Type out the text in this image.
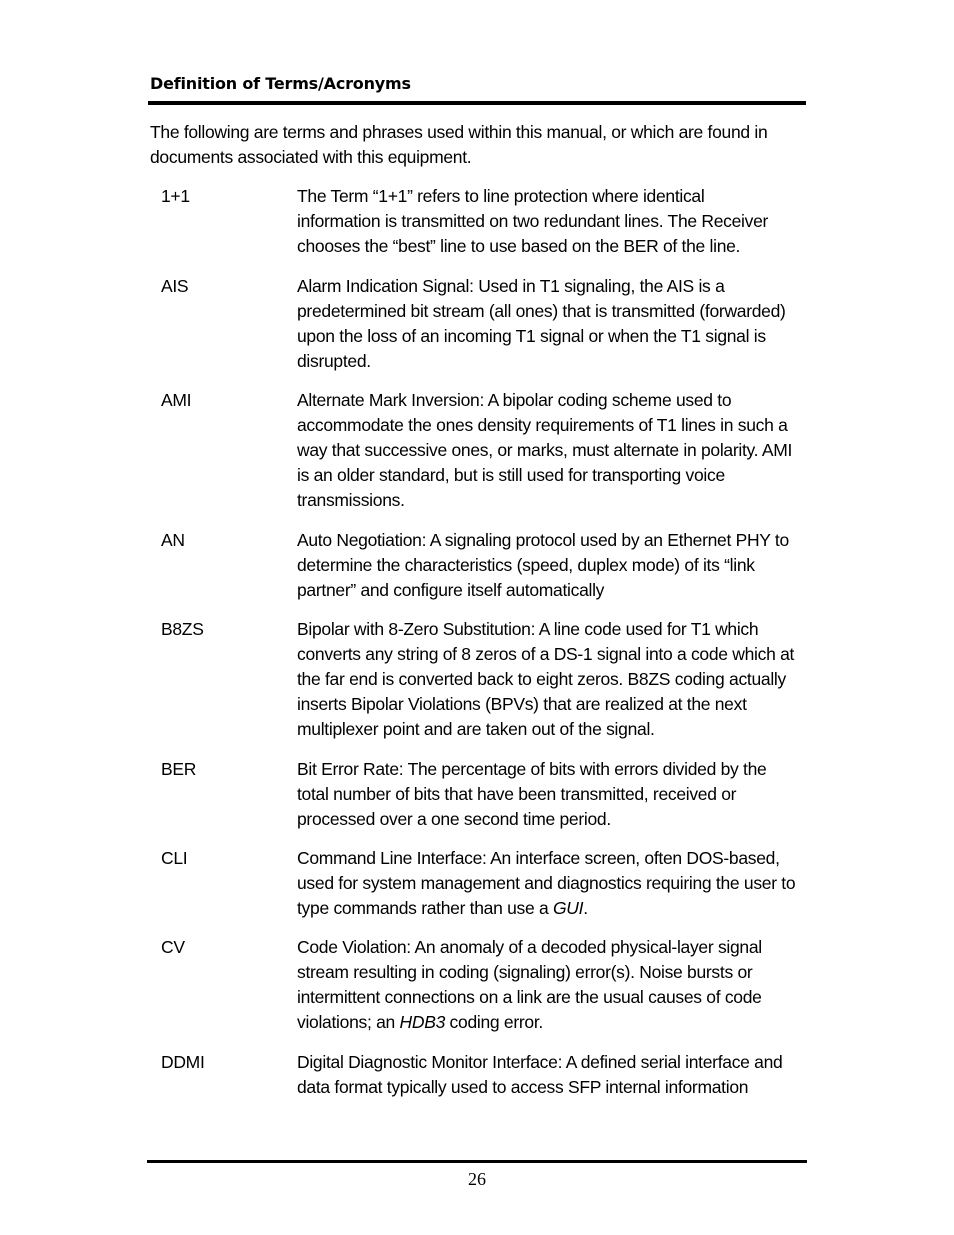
Definition of Terms/Acronyms
The following are terms and phrases used within this manual, or which are found in
documents associated with this equipment.
1+1	The Term “1+1” refers to line protection where identical
information is transmitted on two redundant lines. The Receiver
chooses the “best” line to use based on the BER of the line.
AIS	Alarm Indication Signal: Used in T1 signaling, the AIS is a
predetermined bit stream (all ones) that is transmitted (forwarded)
upon the loss of an incoming T1 signal or when the T1 signal is
disrupted.
AMI	Alternate Mark Inversion: A bipolar coding scheme used to
accommodate the ones density requirements of T1 lines in such a
way that successive ones, or marks, must alternate in polarity. AMI
is an older standard, but is still used for transporting voice
transmissions.
AN	Auto Negotiation: A signaling protocol used by an Ethernet PHY to
determine the characteristics (speed, duplex mode) of its “link
partner” and configure itself automatically
B8ZS	Bipolar with 8-Zero Substitution: A line code used for T1 which
converts any string of 8 zeros of a DS-1 signal into a code which at
the far end is converted back to eight zeros. B8ZS coding actually
inserts Bipolar Violations (BPVs) that are realized at the next
multiplexer point and are taken out of the signal.
BER	Bit Error Rate: The percentage of bits with errors divided by the
total number of bits that have been transmitted, received or
processed over a one second time period.
CLI	Command Line Interface: An interface screen, often DOS-based,
used for system management and diagnostics requiring the user to
type commands rather than use a GUI.
CV	Code Violation: An anomaly of a decoded physical-layer signal
stream resulting in coding (signaling) error(s). Noise bursts or
intermittent connections on a link are the usual causes of code
violations; an HDB3 coding error.
DDMI	Digital Diagnostic Monitor Interface: A defined serial interface and
data format typically used to access SFP internal information
26
